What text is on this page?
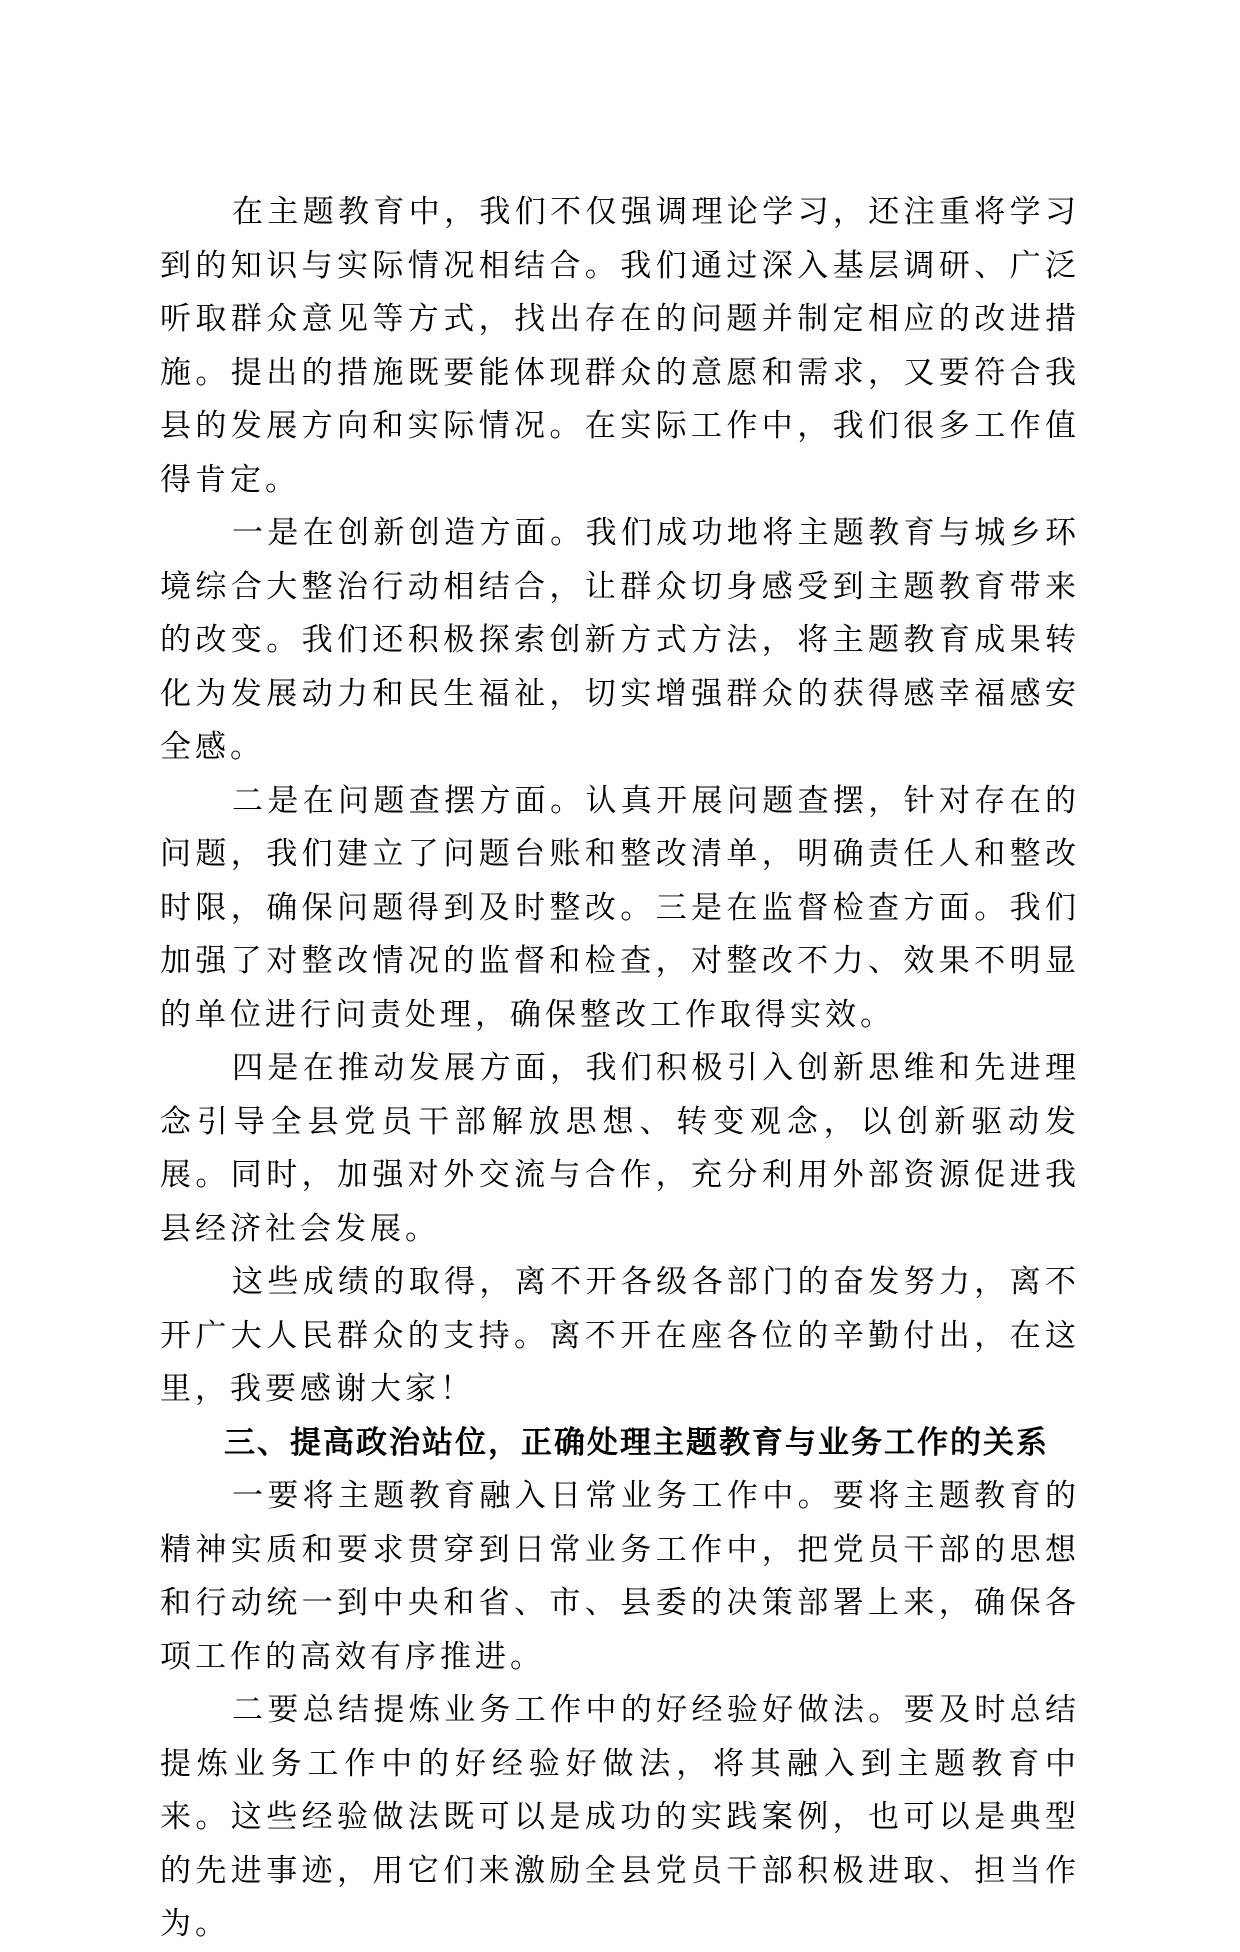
在主题教育中，我们不仅强调理论学习，还注重将学习到的知识与实际情况相结合。我们通过深入基层调研、广泛听取群众意见等方式，找出存在的问题并制定相应的改进措施。提出的措施既要能体现群众的意愿和需求，又要符合我县的发展方向和实际情况。在实际工作中，我们很多工作值得肯定。

一是在创新创造方面。我们成功地将主题教育与城乡环境综合大整治行动相结合，让群众切身感受到主题教育带来的改变。我们还积极探索创新方式方法，将主题教育成果转化为发展动力和民生福祉，切实增强群众的获得感幸福感安全感。

二是在问题查摆方面。认真开展问题查摆，针对存在的问题，我们建立了问题台账和整改清单，明确责任人和整改时限，确保问题得到及时整改。三是在监督检查方面。我们加强了对整改情况的监督和检查，对整改不力、效果不明显的单位进行问责处理，确保整改工作取得实效。

四是在推动发展方面，我们积极引入创新思维和先进理念引导全县党员干部解放思想、转变观念，以创新驱动发展。同时，加强对外交流与合作，充分利用外部资源促进我县经济社会发展。

这些成绩的取得，离不开各级各部门的奋发努力，离不开广大人民群众的支持。离不开在座各位的辛勤付出，在这里，我要感谢大家！

三、提高政治站位，正确处理主题教育与业务工作的关系

一要将主题教育融入日常业务工作中。要将主题教育的精神实质和要求贯穿到日常业务工作中，把党员干部的思想和行动统一到中央和省、市、县委的决策部署上来，确保各项工作的高效有序推进。

二要总结提炼业务工作中的好经验好做法。要及时总结提炼业务工作中的好经验好做法，将其融入到主题教育中来。这些经验做法既可以是成功的实践案例，也可以是典型的先进事迹，用它们来激励全县党员干部积极进取、担当作为。
